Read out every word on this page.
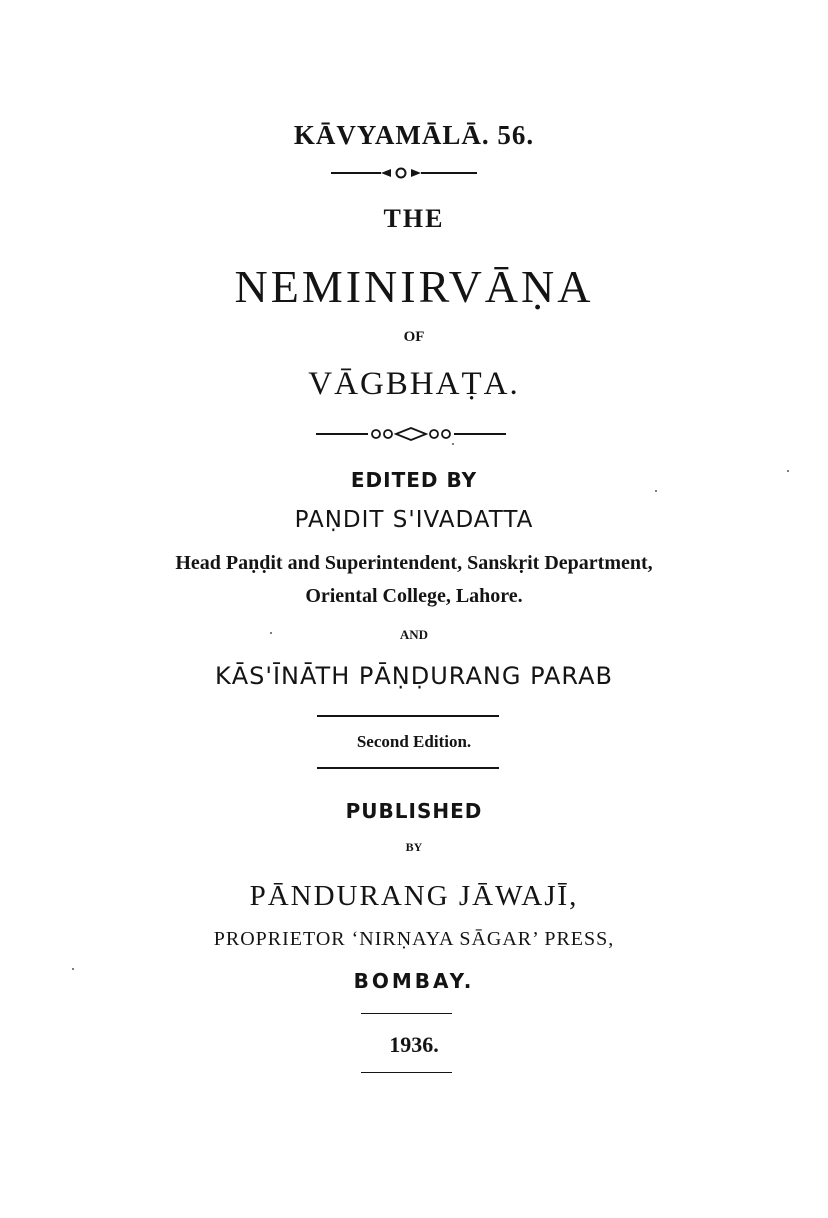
KĀVYAMĀLĀ. 56.
THE
NEMINIRVĀṆA
OF
VĀGBHAṬA.
EDITED BY
PAṆDIT S'IVADATTA
Head Paṇḍit and Superintendent, Sanskṛit Department,
Oriental College, Lahore.
AND
KĀS'ĪNĀTH PĀṆḌURANG PARAB
Second Edition.
PUBLISHED
BY
PĀNDURANG JĀWAJĪ,
PROPRIETOR ‘NIRṆAYA SĀGAR’ PRESS,
BOMBAY.
1936.
